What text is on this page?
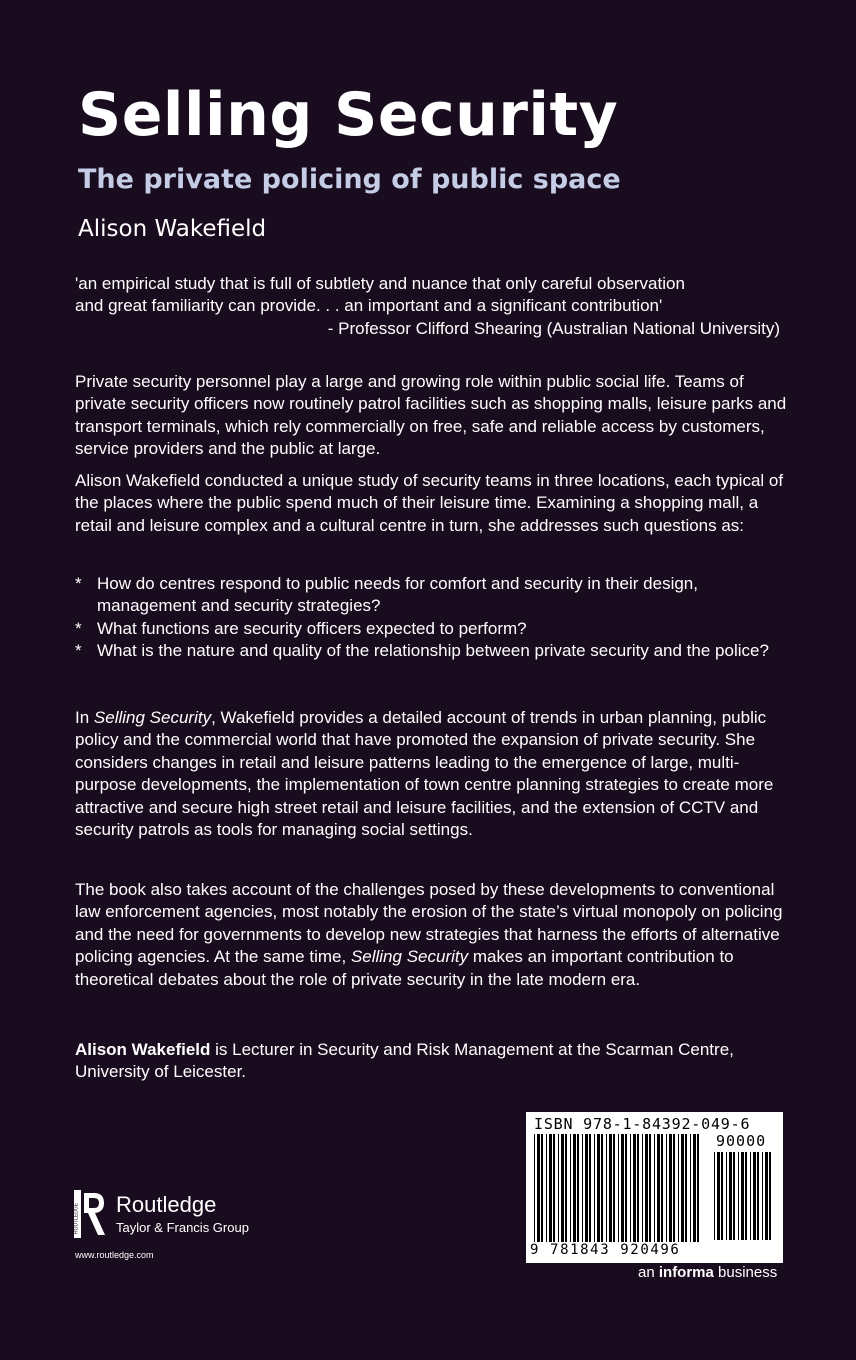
Selling Security
The private policing of public space

Alison Wakefield

'an empirical study that is full of subtlety and nuance that only careful observation
and great familiarity can provide. . . an important and a significant contribution'
- Professor Clifford Shearing (Australian National University)

Private security personnel play a large and growing role within public social life. Teams of private security officers now routinely patrol facilities such as shopping malls, leisure parks and transport terminals, which rely commercially on free, safe and reliable access by customers, service providers and the public at large.

Alison Wakefield conducted a unique study of security teams in three locations, each typical of the places where the public spend much of their leisure time. Examining a shopping mall, a retail and leisure complex and a cultural centre in turn, she addresses such questions as:

* How do centres respond to public needs for comfort and security in their design, management and security strategies?
* What functions are security officers expected to perform?
* What is the nature and quality of the relationship between private security and the police?

In Selling Security, Wakefield provides a detailed account of trends in urban planning, public policy and the commercial world that have promoted the expansion of private security. She considers changes in retail and leisure patterns leading to the emergence of large, multi-purpose developments, the implementation of town centre planning strategies to create more attractive and secure high street retail and leisure facilities, and the extension of CCTV and security patrols as tools for managing social settings.

The book also takes account of the challenges posed by these developments to conventional law enforcement agencies, most notably the erosion of the state’s virtual monopoly on policing and the need for governments to develop new strategies that harness the efforts of alternative policing agencies. At the same time, Selling Security makes an important contribution to theoretical debates about the role of private security in the late modern era.

Alison Wakefield is Lecturer in Security and Risk Management at the Scarman Centre, University of Leicester.

ROUTLEDGE Routledge
Taylor & Francis Group

www.routledge.com

ISBN 978-1-84392-049-6
90000
9 781843 920496

an informa business
